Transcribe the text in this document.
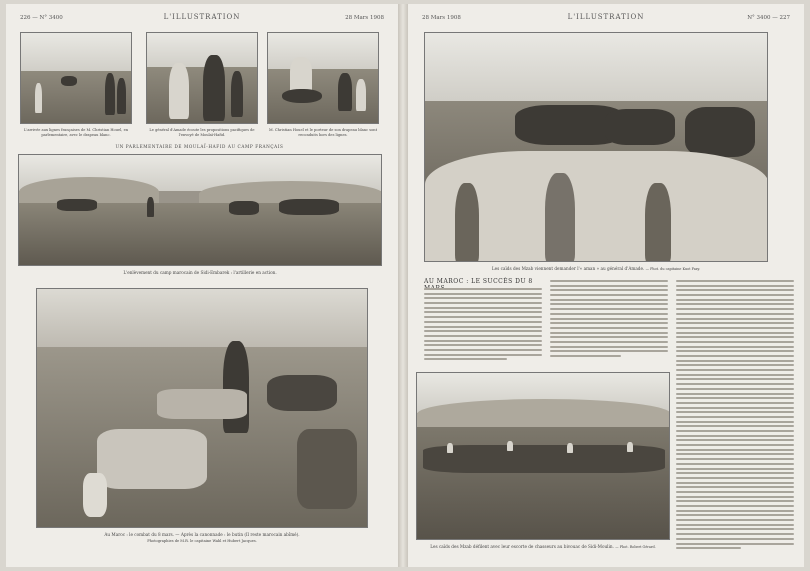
226 — N° 3400	L'ILLUSTRATION	28 Mars 1908
L'arrivée aux lignes françaises de M. Christian Houel, en parlementaire, avec le drapeau blanc.
Le général d'Amade écoute les propositions pacifiques de l'envoyé de Moulaï-Hafid.
M. Christian Houel et le porteur de son drapeau blanc sont reconduits hors des lignes.
UN PARLEMENTAIRE DE MOULAÏ-HAFID AU CAMP FRANÇAIS
L'enlèvement du camp marocain de Sidi-Embarek : l'artillerie en action.
Au Maroc : le combat du 8 mars. — Après la canonnade : le butin (Il reste marocain abîmé).
Photographies de M.R. le capitaine Wahl et Hubert Jacques.
28 Mars 1908	L'ILLUSTRATION	N° 3400 — 227
Les caïds des Mzab viennent demander l'« aman » au général d'Amade. — Phot. du capitaine Kuot Fazy.
AU MAROC : LE SUCCÈS DU 8
Les caïds des Mzab défilent avec leur escorte de chasseurs au bivouac de Sidi-Moulin. — Phot. Robert Gérard.
